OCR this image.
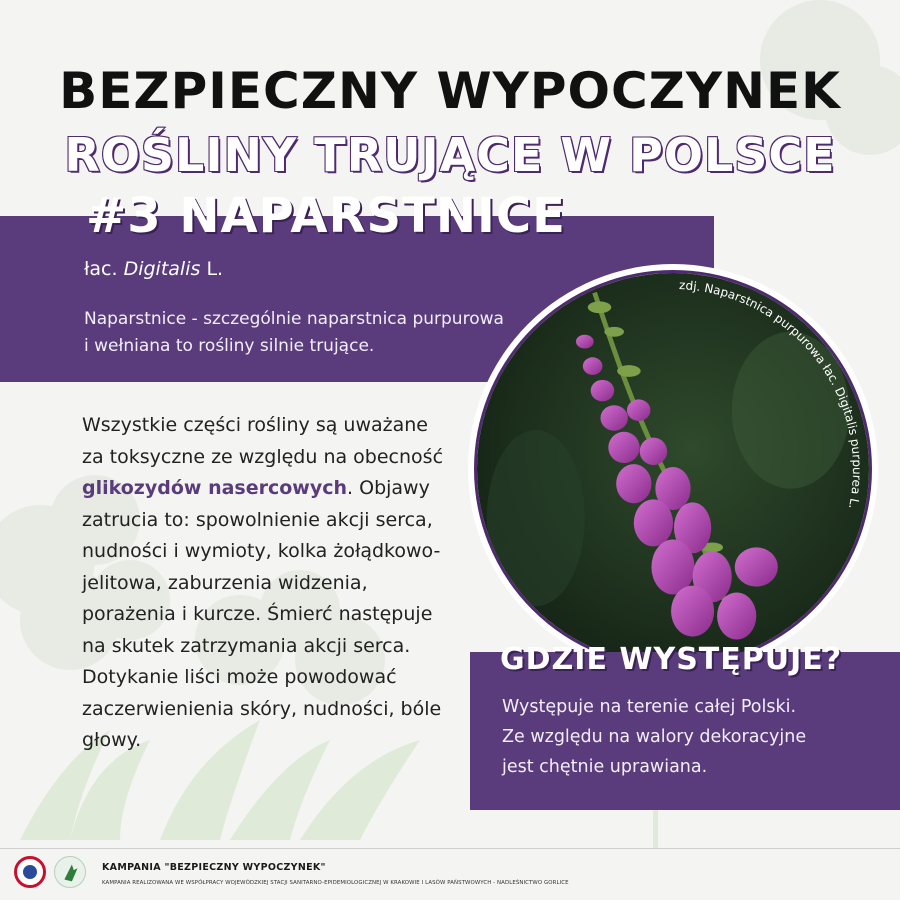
BEZPIECZNY WYPOCZYNEK
ROŚLINY TRUJĄCE W POLSCE
#3 NAPARSTNICE
łac. Digitalis L.
Naparstnice - szczególnie naparstnica purpurowa
i wełniana to rośliny silnie trujące.
Wszystkie części rośliny są uważane za toksyczne ze względu na obecność glikozydów nasercowych. Objawy zatrucia to: spowolnienie akcji serca, nudności i wymioty, kolka żołądkowo-jelitowa, zaburzenia widzenia, porażenia i kurcze. Śmierć następuje na skutek zatrzymania akcji serca. Dotykanie liści może powodować zaczerwienienia skóry, nudności, bóle głowy.
zdj. Naparstnica purpurowa łac. Digitalis purpurea L.
GDZIE WYSTĘPUJE?
Występuje na terenie całej Polski.
Ze względu na walory dekoracyjne
jest chętnie uprawiana.
KAMPANIA "BEZPIECZNY WYPOCZYNEK"
KAMPANIA REALIZOWANA WE WSPÓŁPRACY WOJEWÓDZKIEJ STACJI SANITARNO-EPIDEMIOLOGICZNEJ W KRAKOWIE I LASÓW PAŃSTWOWYCH - NADLEŚNICTWO GORLICE
